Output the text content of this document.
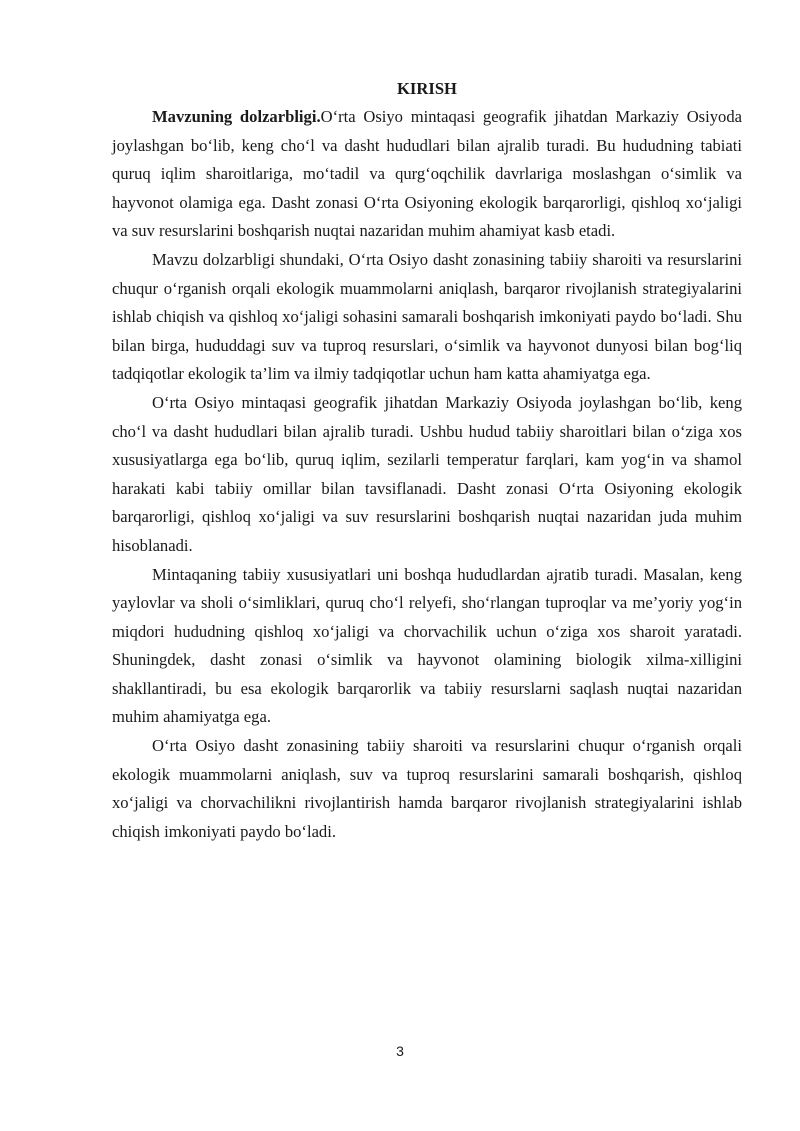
KIRISH

Mavzuning dolzarbligi.O‘rta Osiyo mintaqasi geografik jihatdan Markaziy Osiyoda joylashgan bo‘lib, keng cho‘l va dasht hududlari bilan ajralib turadi. Bu hududning tabiati quruq iqlim sharoitlariga, mo‘tadil va qurg‘oqchilik davrlariga moslashgan o‘simlik va hayvonot olamiga ega. Dasht zonasi O‘rta Osiyoning ekologik barqarorligi, qishloq xo‘jaligi va suv resurslarini boshqarish nuqtai nazaridan muhim ahamiyat kasb etadi.

Mavzu dolzarbligi shundaki, O‘rta Osiyo dasht zonasining tabiiy sharoiti va resurslarini chuqur o‘rganish orqali ekologik muammolarni aniqlash, barqaror rivojlanish strategiyalarini ishlab chiqish va qishloq xo‘jaligi sohasini samarali boshqarish imkoniyati paydo bo‘ladi. Shu bilan birga, hududdagi suv va tuproq resurslari, o‘simlik va hayvonot dunyosi bilan bog‘liq tadqiqotlar ekologik ta’lim va ilmiy tadqiqotlar uchun ham katta ahamiyatga ega.

O‘rta Osiyo mintaqasi geografik jihatdan Markaziy Osiyoda joylashgan bo‘lib, keng cho‘l va dasht hududlari bilan ajralib turadi. Ushbu hudud tabiiy sharoitlari bilan o‘ziga xos xususiyatlarga ega bo‘lib, quruq iqlim, sezilarli temperatur farqlari, kam yog‘in va shamol harakati kabi tabiiy omillar bilan tavsiflanadi. Dasht zonasi O‘rta Osiyoning ekologik barqarorligi, qishloq xo‘jaligi va suv resurslarini boshqarish nuqtai nazaridan juda muhim hisoblanadi.

Mintaqaning tabiiy xususiyatlari uni boshqa hududlardan ajratib turadi. Masalan, keng yaylovlar va sholi o‘simliklari, quruq cho‘l relyefi, sho‘rlangan tuproqlar va me’yoriy yog‘in miqdori hududning qishloq xo‘jaligi va chorvachilik uchun o‘ziga xos sharoit yaratadi. Shuningdek, dasht zonasi o‘simlik va hayvonot olamining biologik xilma-xilligini shakllantiradi, bu esa ekologik barqarorlik va tabiiy resurslarni saqlash nuqtai nazaridan muhim ahamiyatga ega.

O‘rta Osiyo dasht zonasining tabiiy sharoiti va resurslarini chuqur o‘rganish orqali ekologik muammolarni aniqlash, suv va tuproq resurslarini samarali boshqarish, qishloq xo‘jaligi va chorvachilikni rivojlantirish hamda barqaror rivojlanish strategiyalarini ishlab chiqish imkoniyati paydo bo‘ladi.

3
